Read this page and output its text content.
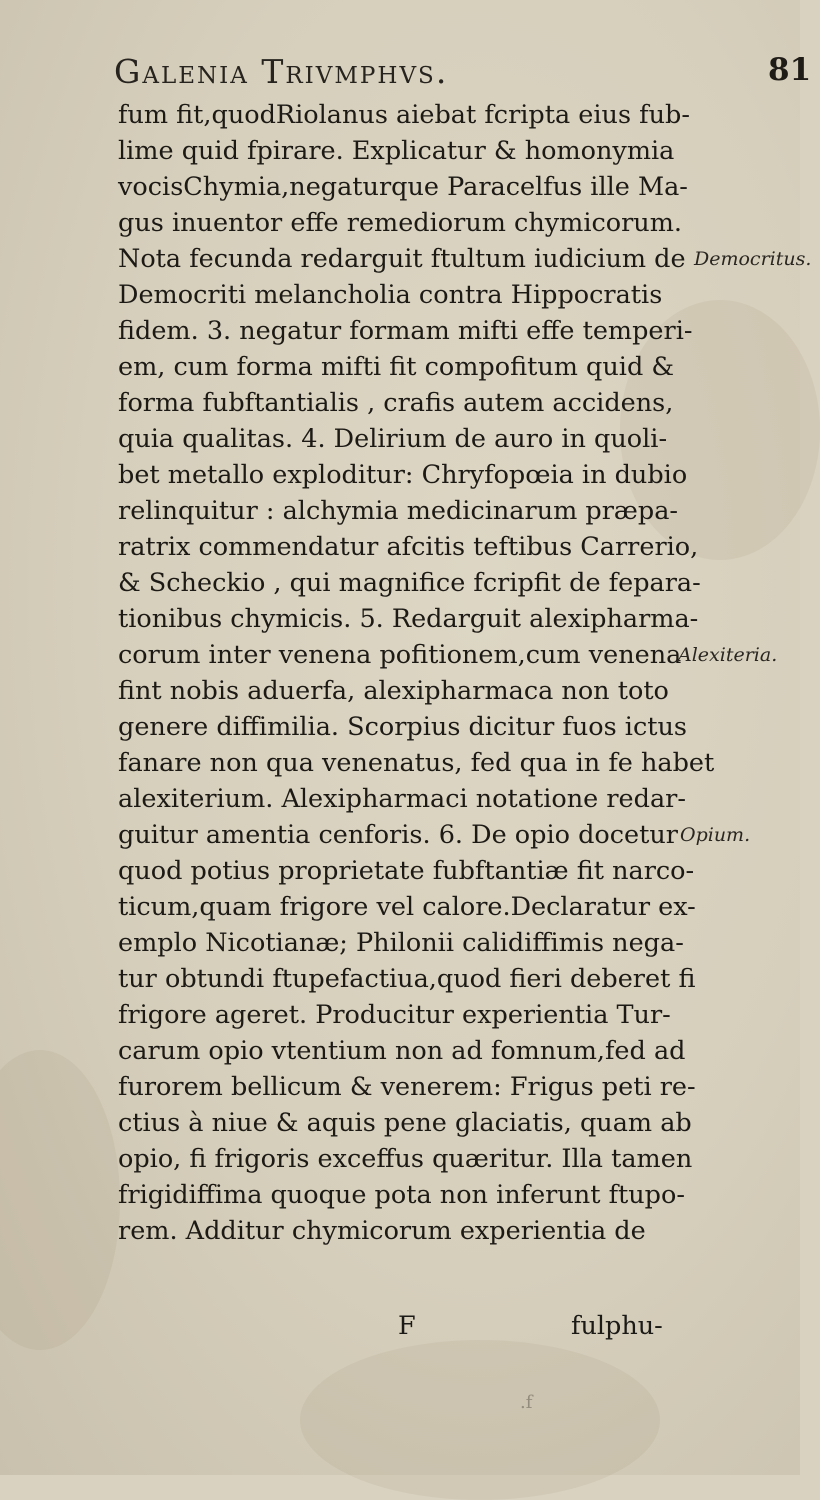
Galenia Trivmphvs.	81
fum fit,quodRiolanus aiebat fcripta eius fub-
lime quid fpirare. Explicatur & homonymia
vocisChymia,negaturque Paracelfus ille Ma-
gus inuentor effe remediorum chymicorum.
Nota fecunda redarguit ftultum iudicium de
Democriti melancholia contra Hippocratis
fidem. 3. negatur formam mifti effe temperi-
em, cum forma mifti fit compofitum quid &
forma fubftantialis , crafis autem accidens,
quia qualitas. 4. Delirium de auro in quoli-
bet metallo exploditur: Chryfopœia in dubio
relinquitur : alchymia medicinarum præpa-
ratrix commendatur afcitis teftibus Carrerio,
& Scheckio , qui magnifice fcripfit de fepara-
tionibus chymicis. 5. Redarguit alexipharma-
corum inter venena pofitionem,cum venena
fint nobis aduerfa, alexipharmaca non toto
genere diffimilia. Scorpius dicitur fuos ictus
fanare non qua venenatus, fed qua in fe habet
alexiterium. Alexipharmaci notatione redar-
guitur amentia cenforis. 6. De opio docetur
quod potius proprietate fubftantiæ fit narco-
ticum,quam frigore vel calore.Declaratur ex-
emplo Nicotianæ; Philonii calidiffimis nega-
tur obtundi ftupefactiua,quod fieri deberet fi
frigore ageret. Producitur experientia Tur-
carum opio vtentium non ad fomnum,fed ad
furorem bellicum & venerem: Frigus peti re-
ctius à niue & aquis pene glaciatis, quam ab
opio, fi frigoris exceffus quæritur. Illa tamen
frigidiffima quoque pota non inferunt ftupo-
rem. Additur chymicorum experientia de
Democritus.
Alexiteria.
Opium.
F	fulphu-
.f
